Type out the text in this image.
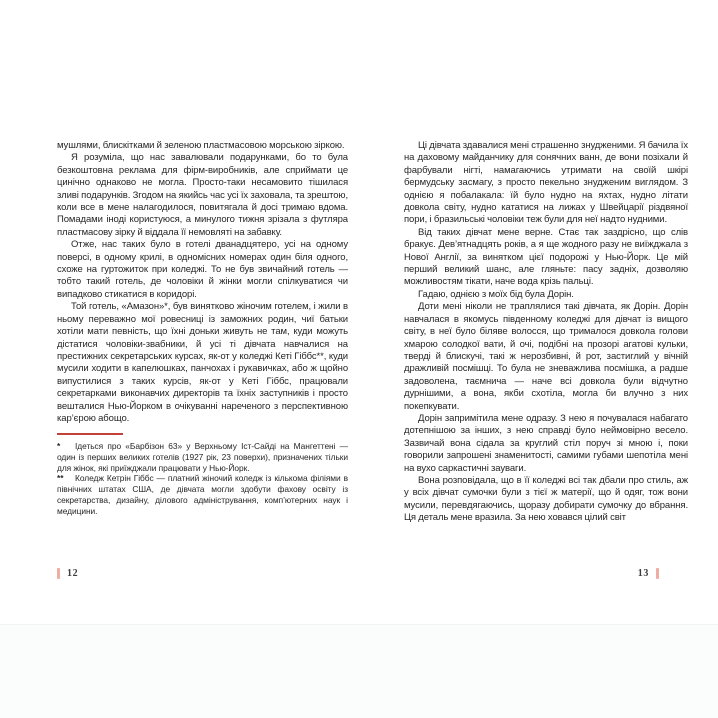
мушлями, блискітками й зеленою пластмасовою морською зіркою.

Я розуміла, що нас завалювали подарунками, бо то була безкоштовна реклама для фірм-виробників, але сприймати це цинічно однаково не могла. Просто-таки несамовито тішилася зливі подарунків. Згодом на якийсь час усі їх заховала, та зрештою, коли все в мене налагодилося, повитягала й досі тримаю вдома. Помадами іноді користуюся, а минулого тижня зрізала з футляра пластмасову зірку й віддала її немовляті на забавку.

Отже, нас таких було в готелі дванадцятеро, усі на одному поверсі, в одному крилі, в одномісних номерах один біля одного, схоже на гуртожиток при коледжі. То не був звичайний готель — тобто такий готель, де чоловіки й жінки могли спілкуватися чи випадково стикатися в коридорі.

Той готель, «Амазон»*, був винятково жіночим готелем, і жили в ньому переважно мої ровесниці із заможних родин, чиї батьки хотіли мати певність, що їхні доньки живуть не там, куди можуть дістатися чоловіки-звабники, й усі ті дівчата навчалися на престижних секретарських курсах, як-от у коледжі Кеті Гіббс**, куди мусили ходити в капелюшках, панчохах і рукавичках, або ж щойно випустилися з таких курсів, як-от у Кеті Гіббс, працювали секретарками виконавчих директорів та їхніх заступників і просто вешталися Нью-Йорком в очікуванні нареченого з перспективною кар’єрою абощо.

* Ідеться про «Барбізон 63» у Верхньому Іст-Сайді на Мангеттені — один із перших великих готелів (1927 рік, 23 поверхи), призначених тільки для жінок, які приїжджали працювати у Нью-Йорк.

** Коледж Кетрін Гіббс — платний жіночий коледж із кількома філіями в північних штатах США, де дівчата могли здобути фахову освіту із секретарства, дизайну, ділового адміністрування, комп’ютерних наук і медицини.

Ці дівчата здавалися мені страшенно знудженими. Я бачила їх на даховому майданчику для сонячних ванн, де вони позіхали й фарбували нігті, намагаючись утримати на своїй шкірі бермудську засмагу, з просто пекельно знудженим виглядом. З однією я побалакала: їй було нудно на яхтах, нудно літати довкола світу, нудно кататися на лижах у Швейцарії різдвяної пори, і бразильські чоловіки теж були для неї надто нудними.

Від таких дівчат мене верне. Стає так заздрісно, що слів бракує. Дев’ятнадцять років, а я ще жодного разу не виїжджала з Нової Англії, за винятком цієї подорожі у Нью-Йорк. Це мій перший великий шанс, але гляньте: пасу задніх, дозволяю можливостям тікати, наче вода крізь пальці.

Гадаю, однією з моїх бід була Дорін.

Доти мені ніколи не траплялися такі дівчата, як Дорін. Дорін навчалася в якомусь південному коледжі для дівчат із вищого світу, в неї було біляве волосся, що трималося довкола голови хмарою солодкої вати, й очі, подібні на прозорі агатові кульки, тверді й блискучі, такі ж нерозбивні, й рот, застиглий у вічній дражливій посмішці. То була не зневажлива посмішка, а радше задоволена, таємнича — наче всі довкола були відчутно дурнішими, а вона, якби схотіла, могла би влучно з них покепкувати.

Дорін запримітила мене одразу. З нею я почувалася набагато дотепнішою за інших, з нею справді було неймовірно весело. Зазвичай вона сідала за круглий стіл поруч зі мною і, поки говорили запрошені знаменитості, самими губами шепотіла мені на вухо саркастичні зауваги.

Вона розповідала, що в її коледжі всі так дбали про стиль, аж у всіх дівчат сумочки були з тієї ж матерії, що й одяг, тож вони мусили, перевдягаючись, щоразу добирати сумочку до вбрання. Ця деталь мене вразила. За нею ховався цілий світ

12	13
